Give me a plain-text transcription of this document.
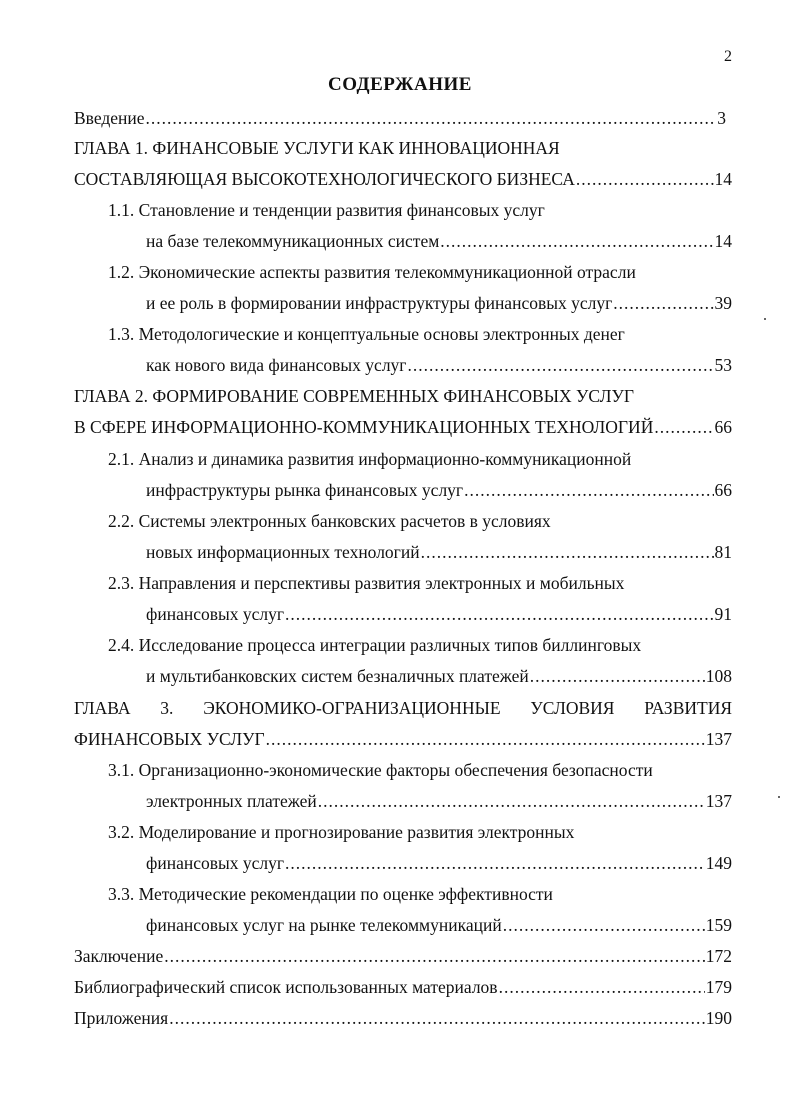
2
СОДЕРЖАНИЕ
Введение .....	3
ГЛАВА 1. ФИНАНСОВЫЕ УСЛУГИ КАК ИННОВАЦИОННАЯ
СОСТАВЛЯЮЩАЯ ВЫСОКОТЕХНОЛОГИЧЕСКОГО БИЗНЕСА .....	14
1.1. Становление и тенденции развития финансовых услуг
на базе телекоммуникационных систем .....	14
1.2. Экономические аспекты развития телекоммуникационной отрасли
и ее роль в формировании инфраструктуры финансовых услуг .....	39
1.3. Методологические и концептуальные основы электронных денег
как нового вида финансовых услуг .....	53
ГЛАВА 2. ФОРМИРОВАНИЕ СОВРЕМЕННЫХ ФИНАНСОВЫХ УСЛУГ
В СФЕРЕ ИНФОРМАЦИОННО-КОММУНИКАЦИОННЫХ ТЕХНОЛОГИЙ .....	66
2.1. Анализ и динамика развития информационно-коммуникационной
инфраструктуры рынка финансовых услуг .....	66
2.2. Системы электронных банковских расчетов в условиях
новых информационных технологий .....	81
2.3. Направления и перспективы развития электронных и мобильных
финансовых услуг .....	91
2.4. Исследование процесса интеграции различных типов биллинговых
и мультибанковских систем безналичных платежей .....	108
ГЛАВА 3. ЭКОНОМИКО-ОГРАНИЗАЦИОННЫЕ УСЛОВИЯ РАЗВИТИЯ
ФИНАНСОВЫХ УСЛУГ .....	137
3.1. Организационно-экономические факторы обеспечения безопасности
электронных платежей .....	137
3.2. Моделирование и прогнозирование развития электронных
финансовых услуг .....	149
3.3. Методические рекомендации по оценке эффективности
финансовых услуг на рынке телекоммуникаций .....	159
Заключение .....	172
Библиографический список использованных материалов .....	179
Приложения .....	190
